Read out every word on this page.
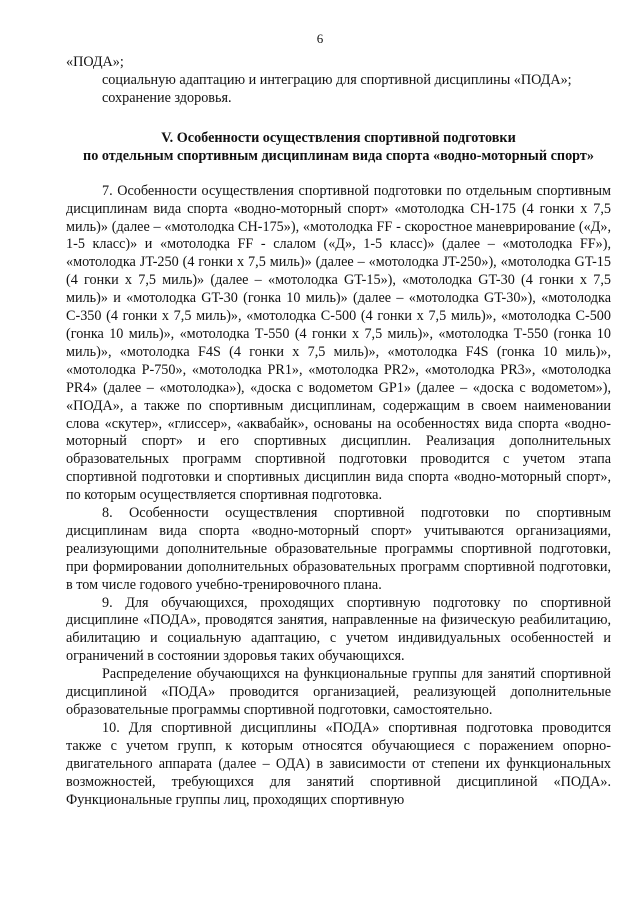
6

«ПОДА»;

социальную адаптацию и интеграцию для спортивной дисциплины «ПОДА»;

сохранение здоровья.

V. Особенности осуществления спортивной подготовки
по отдельным спортивным дисциплинам вида спорта «водно-моторный спорт»

7. Особенности осуществления спортивной подготовки по отдельным спортивным дисциплинам вида спорта «водно-моторный спорт» «мотолодка СН-175 (4 гонки х 7,5 миль)» (далее – «мотолодка СН-175»), «мотолодка FF - скоростное маневрирование («Д», 1-5 класс)» и «мотолодка FF - слалом («Д», 1-5 класс)» (далее – «мотолодка FF»), «мотолодка JT-250 (4 гонки х 7,5 миль)» (далее – «мотолодка JT-250»), «мотолодка GT-15 (4 гонки х 7,5 миль)» (далее – «мотолодка GT-15»), «мотолодка GT-30 (4 гонки х 7,5 миль)» и «мотолодка GT-30 (гонка 10 миль)» (далее – «мотолодка GT-30»), «мотолодка С-350 (4 гонки х 7,5 миль)», «мотолодка С-500 (4 гонки х 7,5 миль)», «мотолодка С-500 (гонка 10 миль)», «мотолодка Т-550 (4 гонки х 7,5 миль)», «мотолодка Т-550 (гонка 10 миль)», «мотолодка F4S (4 гонки х 7,5 миль)», «мотолодка F4S (гонка 10 миль)», «мотолодка Р-750», «мотолодка PR1», «мотолодка PR2», «мотолодка PR3», «мотолодка PR4» (далее – «мотолодка»), «доска с водометом GP1» (далее – «доска с водометом»), «ПОДА», а также по спортивным дисциплинам, содержащим в своем наименовании слова «скутер», «глиссер», «аквабайк», основаны на особенностях вида спорта «водно-моторный спорт» и его спортивных дисциплин. Реализация дополнительных образовательных программ спортивной подготовки проводится с учетом этапа спортивной подготовки и спортивных дисциплин вида спорта «водно-моторный спорт», по которым осуществляется спортивная подготовка.

8. Особенности осуществления спортивной подготовки по спортивным дисциплинам вида спорта «водно-моторный спорт» учитываются организациями, реализующими дополнительные образовательные программы спортивной подготовки, при формировании дополнительных образовательных программ спортивной подготовки, в том числе годового учебно-тренировочного плана.

9. Для обучающихся, проходящих спортивную подготовку по спортивной дисциплине «ПОДА», проводятся занятия, направленные на физическую реабилитацию, абилитацию и социальную адаптацию, с учетом индивидуальных особенностей и ограничений в состоянии здоровья таких обучающихся.

Распределение обучающихся на функциональные группы для занятий спортивной дисциплиной «ПОДА» проводится организацией, реализующей дополнительные образовательные программы спортивной подготовки, самостоятельно.

10. Для спортивной дисциплины «ПОДА» спортивная подготовка проводится также с учетом групп, к которым относятся обучающиеся с поражением опорно-двигательного аппарата (далее – ОДА) в зависимости от степени их функциональных возможностей, требующихся для занятий спортивной дисциплиной «ПОДА». Функциональные группы лиц, проходящих спортивную
